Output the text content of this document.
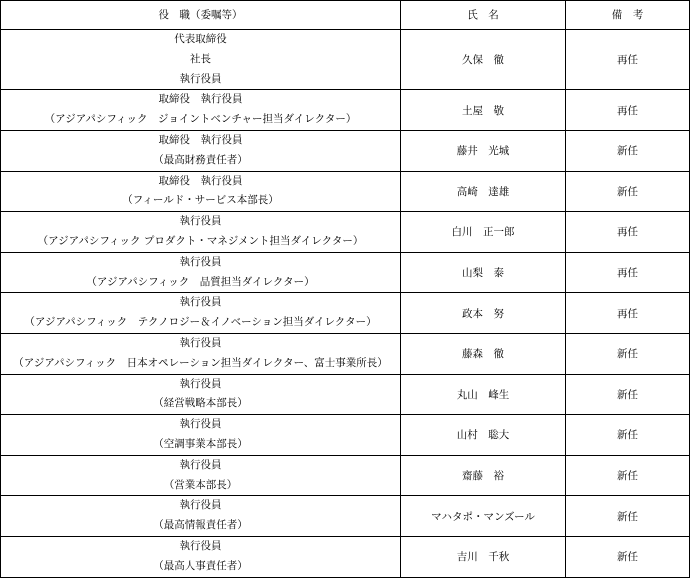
役　職（委嘱等）	氏　名	備　考

代表取締役
社長
執行役員	久保　徹	再任

取締役　執行役員
（アジアパシフィック　ジョイントベンチャー担当ダイレクター）	土屋　敬	再任

取締役　執行役員
（最高財務責任者）	藤井　光城	新任

取締役　執行役員
（フィールド・サービス本部長）	高崎　達雄	新任

執行役員
（アジアパシフィック プロダクト・マネジメント担当ダイレクター）	白川　正一郎	再任

執行役員
（アジアパシフィック　品質担当ダイレクター）	山梨　泰	再任

執行役員
（アジアパシフィック　テクノロジー＆イノベーション担当ダイレクター）	政本　努	再任

執行役員
（アジアパシフィック　日本オペレーション担当ダイレクター、富士事業所長）	藤森　徹	新任

執行役員
（経営戦略本部長）	丸山　峰生	新任

執行役員
（空調事業本部長）	山村　聡大	新任

執行役員
（営業本部長）	齋藤　裕	新任

執行役員
（最高情報責任者）	マハタポ・マンズール	新任

執行役員
（最高人事責任者）	吉川　千秋	新任
